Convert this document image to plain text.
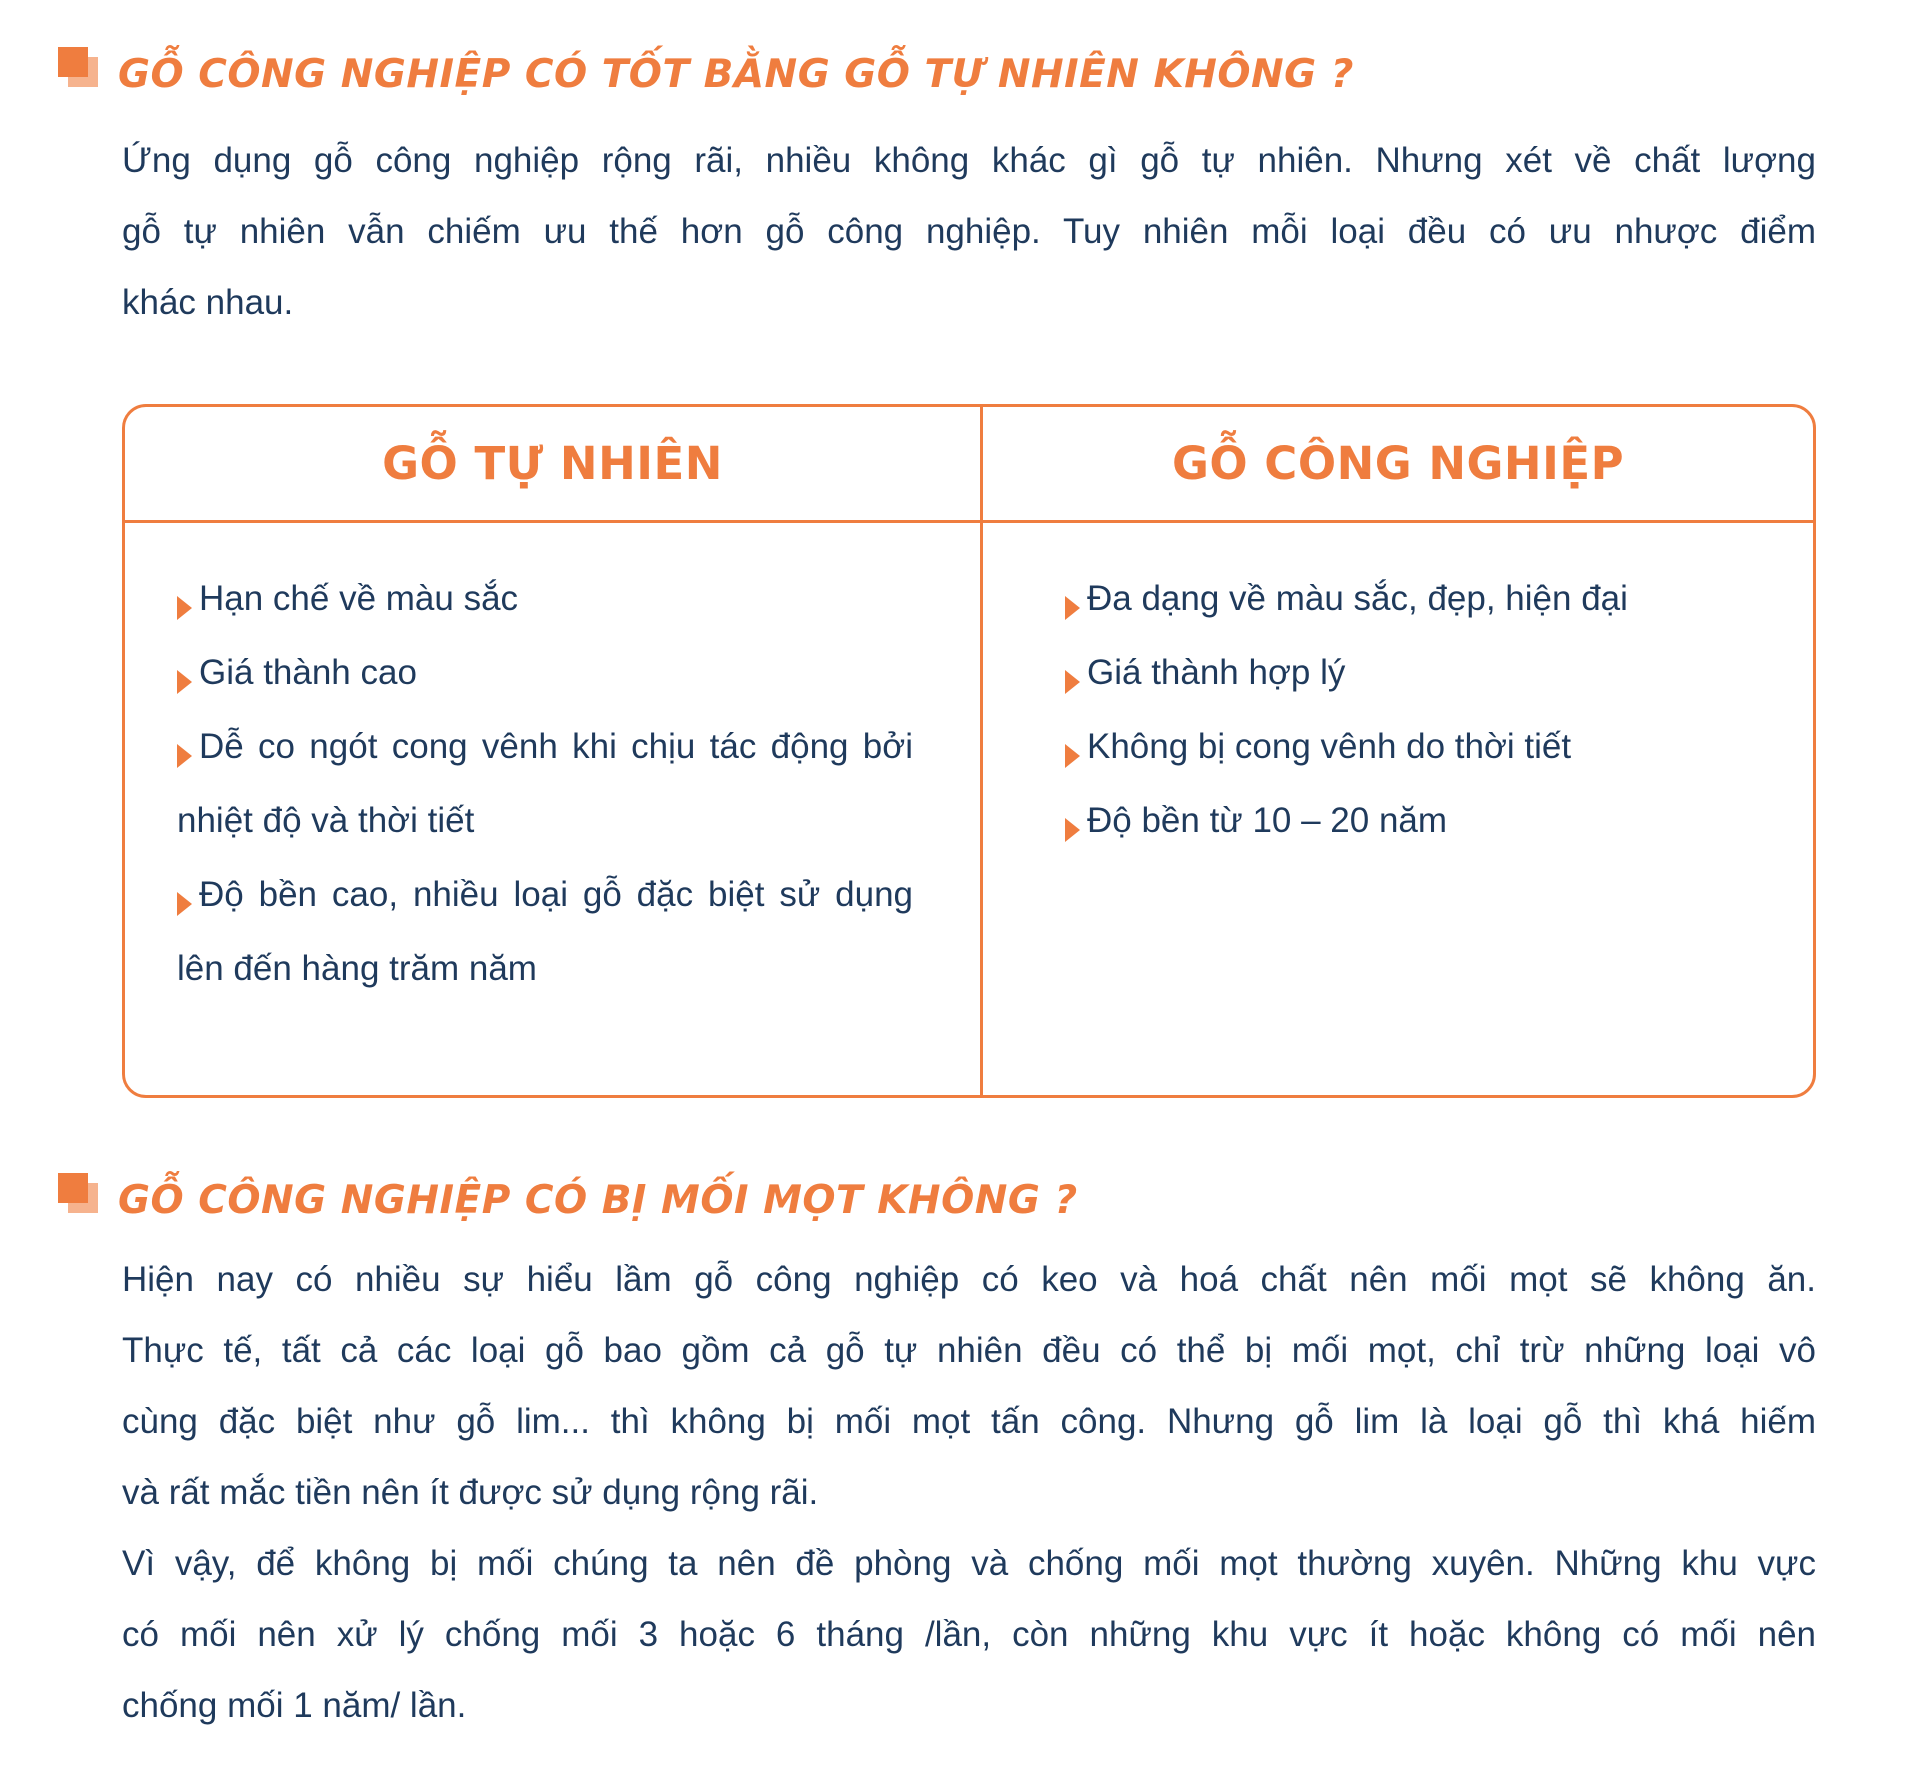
GỖ CÔNG NGHIỆP CÓ TỐT BẰNG GỖ TỰ NHIÊN KHÔNG ?

Ứng dụng gỗ công nghiệp rộng rãi, nhiều không khác gì gỗ tự nhiên. Nhưng xét về chất lượng
gỗ tự nhiên vẫn chiếm ưu thế hơn gỗ công nghiệp. Tuy nhiên mỗi loại đều có ưu nhược điểm
khác nhau.

GỖ TỰ NHIÊN	GỖ CÔNG NGHIỆP
Hạn chế về màu sắc
Giá thành cao
Dễ co ngót cong vênh khi chịu tác động bởi nhiệt độ và thời tiết
Độ bền cao, nhiều loại gỗ đặc biệt sử dụng lên đến hàng trăm năm
Đa dạng về màu sắc, đẹp, hiện đại
Giá thành hợp lý
Không bị cong vênh do thời tiết
Độ bền từ 10 – 20 năm
GỖ CÔNG NGHIỆP CÓ BỊ MỐI MỌT KHÔNG ?

Hiện nay có nhiều sự hiểu lầm gỗ công nghiệp có keo và hoá chất nên mối mọt sẽ không ăn.
Thực tế, tất cả các loại gỗ bao gồm cả gỗ tự nhiên đều có thể bị mối mọt, chỉ trừ những loại vô
cùng đặc biệt như gỗ lim... thì không bị mối mọt tấn công. Nhưng gỗ lim là loại gỗ thì khá hiếm
và rất mắc tiền nên ít được sử dụng rộng rãi.
Vì vậy, để không bị mối chúng ta nên đề phòng và chống mối mọt thường xuyên. Những khu vực
có mối nên xử lý chống mối 3 hoặc 6 tháng /lần, còn những khu vực ít hoặc không có mối nên
chống mối 1 năm/ lần.
